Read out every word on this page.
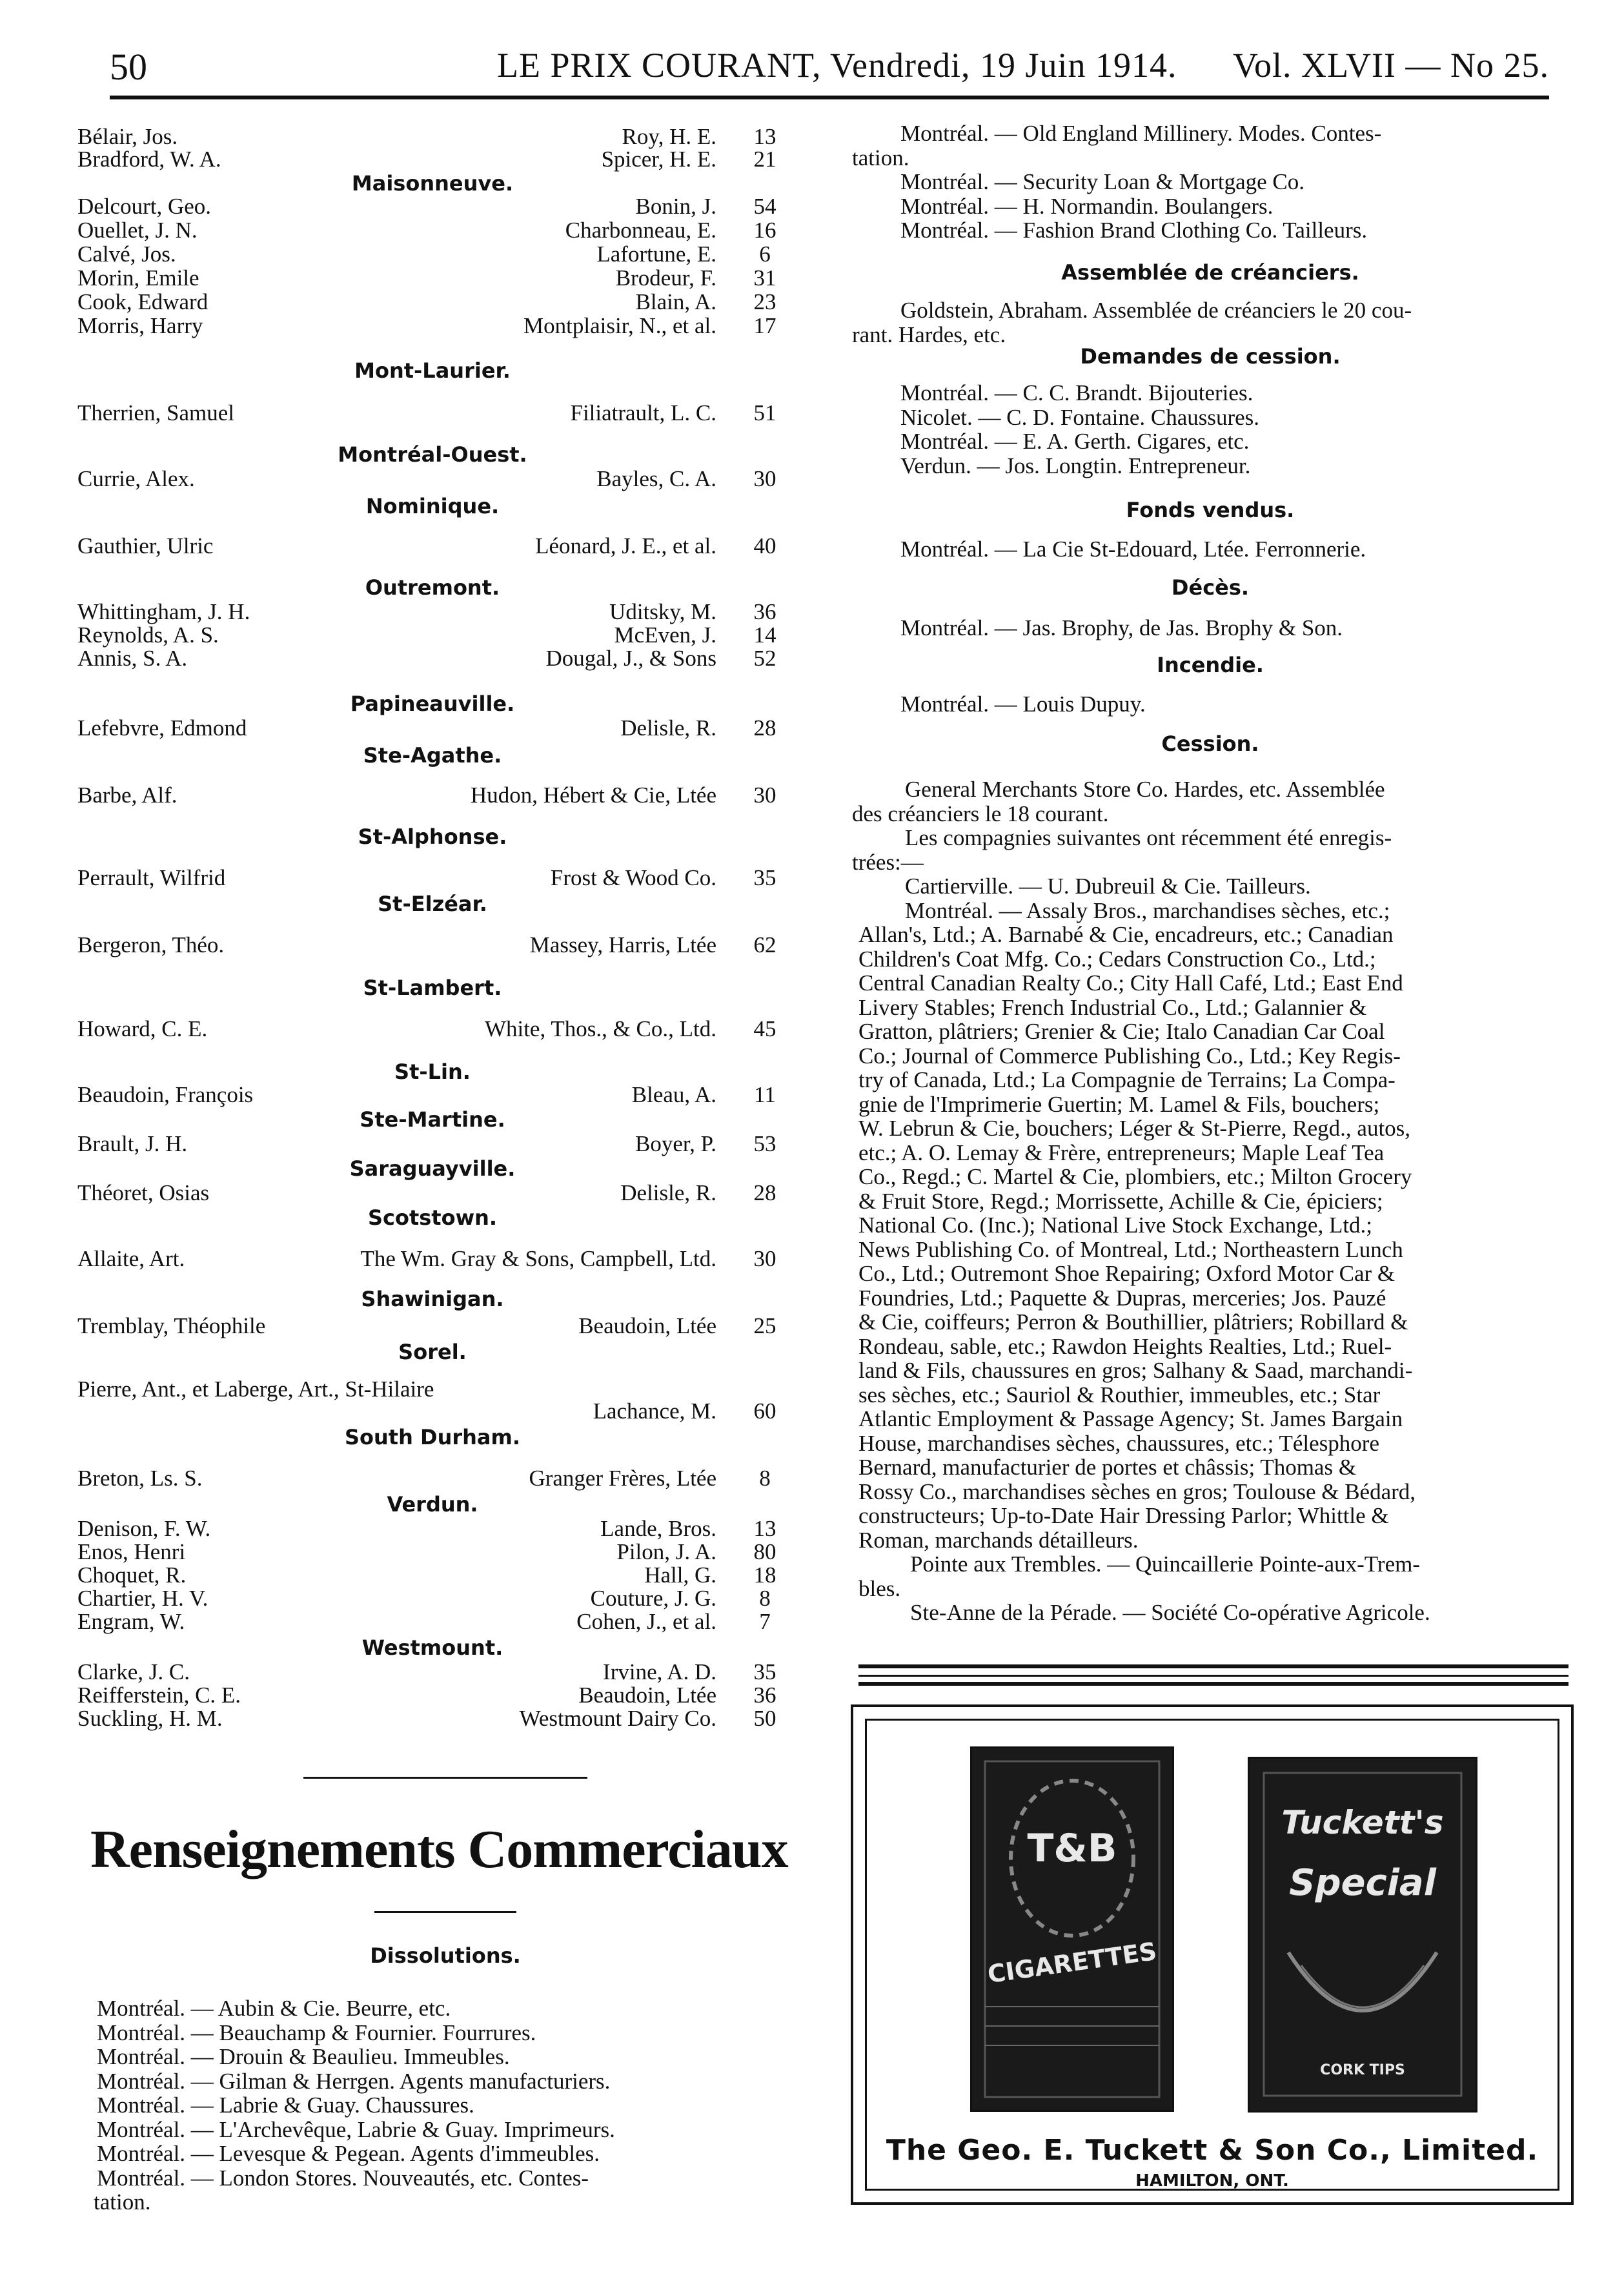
50	LE PRIX COURANT, Vendredi, 19 Juin 1914. Vol. XLVII — No 25.
Bélair, Jos.	Roy, H. E.	13
Bradford, W. A.	Spicer, H. E.	21
Maisonneuve.
Delcourt, Geo.	Bonin, J.	54
Ouellet, J. N.	Charbonneau, E.	16
Calvé, Jos.	Lafortune, E.	6
Morin, Emile	Brodeur, F.	31
Cook, Edward	Blain, A.	23
Morris, Harry	Montplaisir, N., et al.	17
Mont-Laurier.
Therrien, Samuel	Filiatrault, L. C.	51
Montréal-Ouest.
Currie, Alex.	Bayles, C. A.	30
Nominique.
Gauthier, Ulric	Léonard, J. E., et al.	40
Outremont.
Whittingham, J. H.	Uditsky, M.	36
Reynolds, A. S.	McEven, J.	14
Annis, S. A.	Dougal, J., & Sons	52
Papineauville.
Lefebvre, Edmond	Delisle, R.	28
Ste-Agathe.
Barbe, Alf.	Hudon, Hébert & Cie, Ltée	30
St-Alphonse.
Perrault, Wilfrid	Frost & Wood Co.	35
St-Elzéar.
Bergeron, Théo.	Massey, Harris, Ltée	62
St-Lambert.
Howard, C. E.	White, Thos., & Co., Ltd.	45
St-Lin.
Beaudoin, François	Bleau, A.	11
Ste-Martine.
Brault, J. H.	Boyer, P.	53
Saraguayville.
Théoret, Osias	Delisle, R.	28
Scotstown.
Allaite, Art.	The Wm. Gray & Sons, Campbell, Ltd.	30
Shawinigan.
Tremblay, Théophile	Beaudoin, Ltée	25
Sorel.
Pierre, Ant., et Laberge, Art., St-Hilaire
Lachance, M.	60
South Durham.
Breton, Ls. S.	Granger Frères, Ltée	8
Verdun.
Denison, F. W.	Lande, Bros.	13
Enos, Henri	Pilon, J. A.	80
Choquet, R.	Hall, G.	18
Chartier, H. V.	Couture, J. G.	8
Engram, W.	Cohen, J., et al.	7
Westmount.
Clarke, J. C.	Irvine, A. D.	35
Reifferstein, C. E.	Beaudoin, Ltée	36
Suckling, H. M.	Westmount Dairy Co.	50
Renseignements Commerciaux
Dissolutions.
Montréal. — Aubin & Cie. Beurre, etc.
Montréal. — Beauchamp & Fournier. Fourrures.
Montréal. — Drouin & Beaulieu. Immeubles.
Montréal. — Gilman & Herrgen. Agents manufacturiers.
Montréal. — Labrie & Guay. Chaussures.
Montréal. — L'Archevêque, Labrie & Guay. Imprimeurs.
Montréal. — Levesque & Pegean. Agents d'immeubles.
Montréal. — London Stores. Nouveautés, etc. Contes-
tation.
Montréal. — Old England Millinery. Modes. Contes-
tation.
Montréal. — Security Loan & Mortgage Co.
Montréal. — H. Normandin. Boulangers.
Montréal. — Fashion Brand Clothing Co. Tailleurs.
Assemblée de créanciers.
Goldstein, Abraham. Assemblée de créanciers le 20 cou-
rant. Hardes, etc.
Demandes de cession.
Montréal. — C. C. Brandt. Bijouteries.
Nicolet. — C. D. Fontaine. Chaussures.
Montréal. — E. A. Gerth. Cigares, etc.
Verdun. — Jos. Longtin. Entrepreneur.
Fonds vendus.
Montréal. — La Cie St-Edouard, Ltée. Ferronnerie.
Décès.
Montréal. — Jas. Brophy, de Jas. Brophy & Son.
Incendie.
Montréal. — Louis Dupuy.
Cession.
General Merchants Store Co. Hardes, etc. Assemblée
des créanciers le 18 courant.
Les compagnies suivantes ont récemment été enregis-
trées:—
Cartierville. — U. Dubreuil & Cie. Tailleurs.
Montréal. — Assaly Bros., marchandises sèches, etc.;
Allan's, Ltd.; A. Barnabé & Cie, encadreurs, etc.; Canadian
Children's Coat Mfg. Co.; Cedars Construction Co., Ltd.;
Central Canadian Realty Co.; City Hall Café, Ltd.; East End
Livery Stables; French Industrial Co., Ltd.; Galannier &
Gratton, plâtriers; Grenier & Cie; Italo Canadian Car Coal
Co.; Journal of Commerce Publishing Co., Ltd.; Key Regis-
try of Canada, Ltd.; La Compagnie de Terrains; La Compa-
gnie de l'Imprimerie Guertin; M. Lamel & Fils, bouchers;
W. Lebrun & Cie, bouchers; Léger & St-Pierre, Regd., autos,
etc.; A. O. Lemay & Frère, entrepreneurs; Maple Leaf Tea
Co., Regd.; C. Martel & Cie, plombiers, etc.; Milton Grocery
& Fruit Store, Regd.; Morrissette, Achille & Cie, épiciers;
National Co. (Inc.); National Live Stock Exchange, Ltd.;
News Publishing Co. of Montreal, Ltd.; Northeastern Lunch
Co., Ltd.; Outremont Shoe Repairing; Oxford Motor Car &
Foundries, Ltd.; Paquette & Dupras, merceries; Jos. Pauzé
& Cie, coiffeurs; Perron & Bouthillier, plâtriers; Robillard &
Rondeau, sable, etc.; Rawdon Heights Realties, Ltd.; Ruel-
land & Fils, chaussures en gros; Salhany & Saad, marchandi-
ses sèches, etc.; Sauriol & Routhier, immeubles, etc.; Star
Atlantic Employment & Passage Agency; St. James Bargain
House, marchandises sèches, chaussures, etc.; Télesphore
Bernard, manufacturier de portes et châssis; Thomas &
Rossy Co., marchandises sèches en gros; Toulouse & Bédard,
constructeurs; Up-to-Date Hair Dressing Parlor; Whittle &
Roman, marchands détailleurs.
Pointe aux Trembles. — Quincaillerie Pointe-aux-Trem-
bles.
Ste-Anne de la Pérade. — Société Co-opérative Agricole.
T&B
CIGARETTES
Tuckett's
Special
CORK TIPS
The Geo. E. Tuckett & Son Co., Limited.
HAMILTON, ONT.
